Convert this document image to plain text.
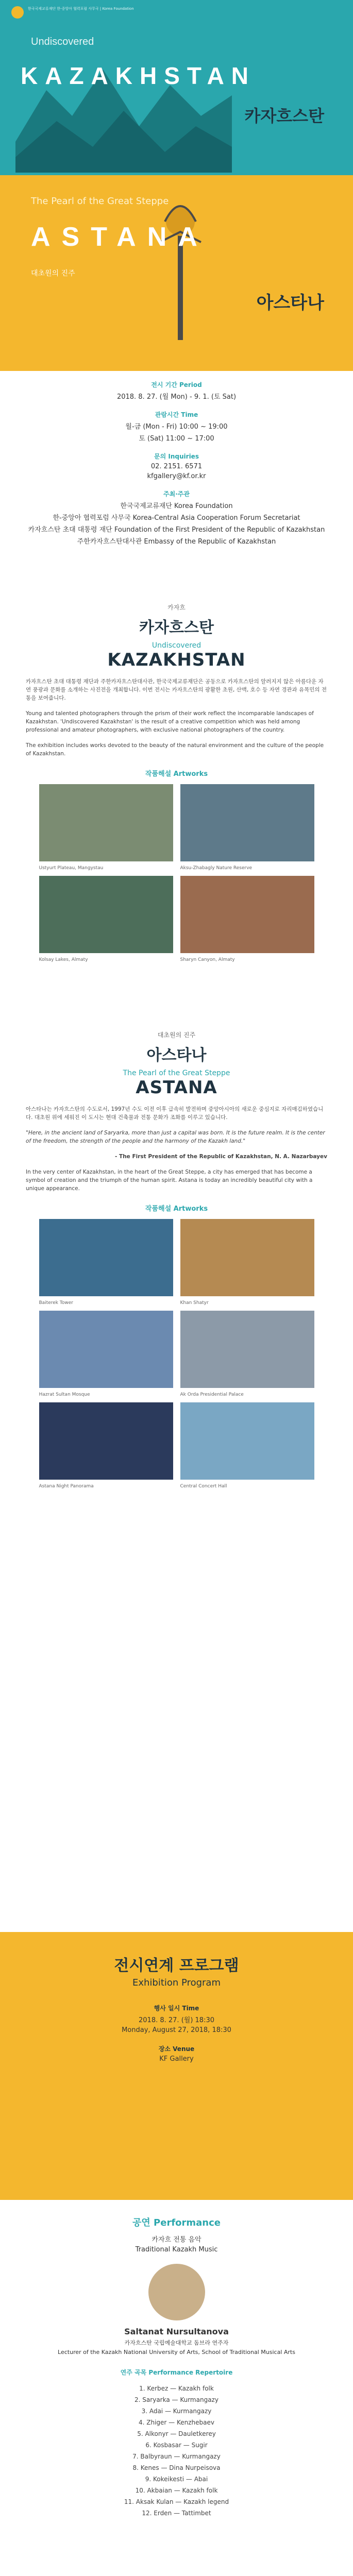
한국국제교류재단 한-중앙아 협력포럼 사무국 | Korea Foundation
Undiscovered
KAZAKHSTAN
카자흐스탄
The Pearl of the Great Steppe
ASTANA
대초원의 진주
아스타나
전시 기간 Period
2018. 8. 27. (월 Mon) - 9. 1. (토 Sat)
관람시간 Time
월-금 (Mon - Fri) 10:00 ~ 19:00
토 (Sat) 11:00 ~ 17:00
문의 Inquiries
02. 2151. 6571
kfgallery@kf.or.kr
주최·주관
한국국제교류재단 Korea Foundation
한-중앙아 협력포럼 사무국 Korea-Central Asia Cooperation Forum Secretariat
카자흐스탄 초대 대통령 재단 Foundation of the First President of the Republic of Kazakhstan
주한카자흐스탄대사관 Embassy of the Republic of Kazakhstan
카자흐
카자흐스탄
Undiscovered
KAZAKHSTAN
카자흐스탄 초대 대통령 재단과 주한카자흐스탄대사관, 한국국제교류재단은 공동으로 카자흐스탄의 알려지지 않은 아름다운 자연 풍광과 문화를 소개하는 사진전을 개최합니다. 이번 전시는 카자흐스탄의 광활한 초원, 산맥, 호수 등 자연 경관과 유목민의 전통을 보여줍니다.
Young and talented photographers through the prism of their work reflect the incomparable landscapes of Kazakhstan. 'Undiscovered Kazakhstan' is the result of a creative competition which was held among professional and amateur photographers, with exclusive national photographers of the country.
The exhibition includes works devoted to the beauty of the natural environment and the culture of the people of Kazakhstan.
작품해설 Artworks
Ustyurt Plateau, Mangystau	Aksu-Zhabagly Nature Reserve
Kolsay Lakes, Almaty	Sharyn Canyon, Almaty
대초원의 진주
아스타나
The Pearl of the Great Steppe
ASTANA
아스타나는 카자흐스탄의 수도로서, 1997년 수도 이전 이후 급속히 발전하며 중앙아시아의 새로운 중심지로 자리매김하였습니다. 대초원 위에 세워진 이 도시는 현대 건축물과 전통 문화가 조화를 이루고 있습니다.
"Here, in the ancient land of Saryarka, more than just a capital was born. It is the future realm. It is the center of the freedom, the strength of the people and the harmony of the Kazakh land."
- The First President of the Republic of Kazakhstan, N. A. Nazarbayev
In the very center of Kazakhstan, in the heart of the Great Steppe, a city has emerged that has become a symbol of creation and the triumph of the human spirit. Astana is today an incredibly beautiful city with a unique appearance.
작품해설 Artworks
Baiterek Tower	Khan Shatyr
Hazrat Sultan Mosque	Ak Orda Presidential Palace
Astana Night Panorama	Central Concert Hall
전시연계 프로그램
Exhibition Program
행사 일시 Time
2018. 8. 27. (월) 18:30
Monday, August 27, 2018, 18:30
장소 Venue
KF Gallery
공연 Performance
카자흐 전통 음악
Traditional Kazakh Music
Saltanat Nursultanova
카자흐스탄 국립예술대학교 돔브라 연주자
Lecturer of the Kazakh National University of Arts, School of Traditional Musical Arts
연주 곡목 Performance Repertoire
1. Kerbez — Kazakh folk
2. Saryarka — Kurmangazy
3. Adai — Kurmangazy
4. Zhiger — Kenzhebaev
5. Alkonyr — Dauletkerey
6. Kosbasar — Sugir
7. Balbyraun — Kurmangazy
8. Kenes — Dina Nurpeisova
9. Kokeikesti — Abai
10. Akbaian — Kazakh folk
11. Aksak Kulan — Kazakh legend
12. Erden — Tattimbet
